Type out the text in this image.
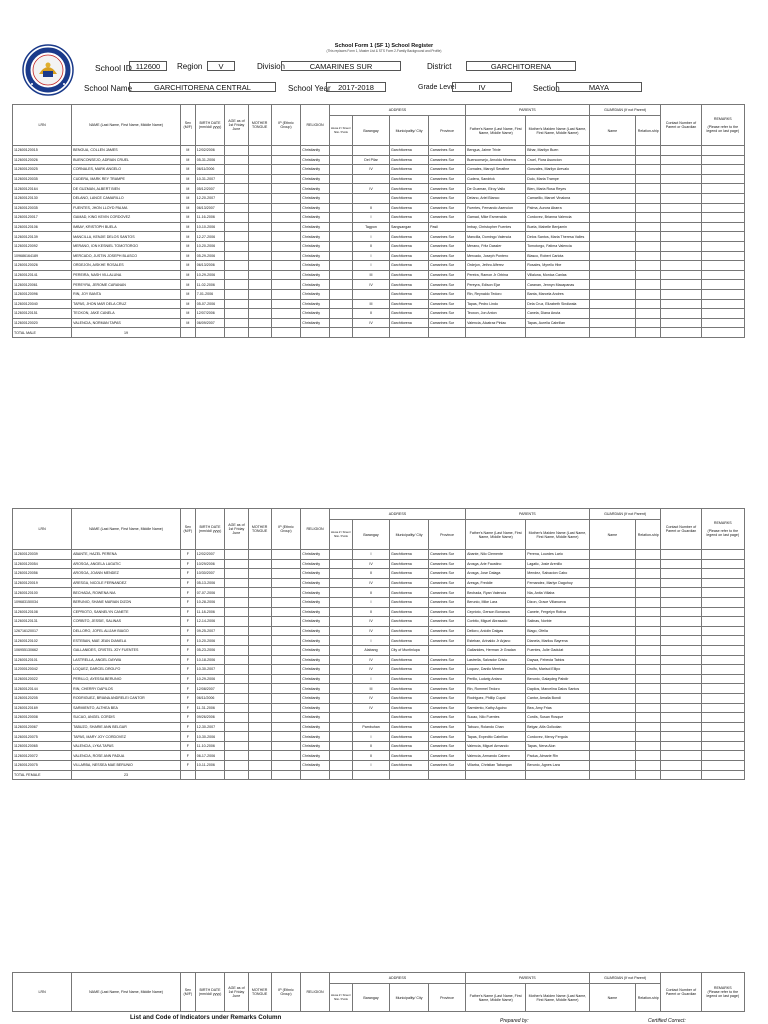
School Form 1 (SF 1) School Register
(This replaces Form 1, Master List & STS Form 2-Family Background and Profile)
School ID 112600	Region	V	Division	CAMARINES SUR	District	GARCHITORENA
School Name	GARCHITORENA CENTRAL	School Year 2017-2018	Grade Level	IV	Section	MAYA
LRN	NAME (Last Name, First Name, Middle Name)	Sex (M/F)	BIRTH DATE (mm/dd/ yyyy)	AGE as of 1st Friday June	MOTHER TONGUE	IP (Ethnic Group)	RELIGION	ADDRESS				PARENTS		GUARDIAN (If not Parent)		Contact Number of Parent or Guardian	REMARKS

(Please refer to the legend on last page)
								House # / Street / Sitio / Purok	Barangay	Municipality/ City	Province	Father's Name (Last Name, First Name, Middle Name)	Mother's Maiden Name (Last Name, First Name, Middle Name)	Name	Relation-ship		
112600120015	BENGUA, COLLEN JAMES	M	12/02/2006				Christianity			Garchitorena	Camarines Sur	Bengua, Jaime Trixie	Bihar, Marilyn Buen				
112600120026	BUENCONSEJO, ADRIAN CRUEL	M	05-31-2006				Christianity		Del Pilar	Garchitorena	Camarines Sur	Buenconsejo, Arnoldo Minerva	Cruel, Flora Asuncion				
112600120025	CORNALES, MARK ANGELO	M	06/11/2006				Christianity		IV	Garchitorena	Camarines Sur	Cornales, Marcyll Serafine	Gonzales, Marilyn Arevalo				
112600120035	CUDERA, MARK REY TRAMPE	M	10-31-2007				Christianity			Garchitorena	Camarines Sur	Cudera, Sandrick	Dulo, Maria Trampe				
112600120164	DE GUZMAN, ALBERT BIEN	M	05/12/2007				Christianity		IV	Garchitorena	Camarines Sur	De Guzman, Elroy Vallo	Bien, Maria Rosa Reyes				
112600120130	DELANO, LANCE CAMARILLO	M	12-20-2007				Christianity			Garchitorena	Camarines Sur	Delano, Ariel Bianco	Camarillo, Marcel Vinalona				
112600120035	FUENTES, JHON LLOYD PALMA	M	06/13/2007				Christianity		II	Garchitorena	Camarines Sur	Fuentes, Fernando Asencion	Palma, Aurora Abarra				
112600120017	GAMAD, KING KEVIN CORDOVEZ	M	11-16-2006				Christianity		I	Garchitorena	Camarines Sur	Gamad, Mike Esmeralda	Cordovez, Brianna Valencia				
112600120106	IMBAY, KRISTOPH BUELA	M	10-10-2006				Christianity		Tagpon	Sangsangan	Pasil	Imbay, Christopher Fuentes	Buela, Mabelle Benjamin				
112600120139	MANCILLA, KENJIE DELOS SANTOS	M	12-27-2006				Christianity		I	Garchitorena	Camarines Sur	Mancilla, Domingo Valencia	Delos Santos, Maria Theresa Valles				
112600120092	MERANO, ION KESNIEL TOMOTORGO	M	10-20-2006				Christianity		II	Garchitorena	Camarines Sur	Merano, Fritz Dassler	Tomotorgo, Fatima Valencia				
109686164189	MERCADO, JUSTIN JOSEPH BLASCO	M	05-29-2006				Christianity		I	Garchitorena	Camarines Sur	Mercado, Joseph Pontero	Blasco, Robert Carlota				
112600120026	ORDEJON, AISKHE ROSALES	M	06/13/2006				Christianity		I	Garchitorena	Camarines Sur	Ordejon, Jethro Alferez	Rosales, Myrello Hbe				
112600120141	PEREIRA, NASH VILLALUNA	M	10-29-2006				Christianity		III	Garchitorena	Camarines Sur	Pereira, Ramon Jr Orbina	Villaluna, Monica Canlas				
112600120061	PEREYRA, JEROME CARANAN	M	11-02-2006				Christianity		IV	Garchitorena	Camarines Sur	Pereyra, Edison Ejar	Caranan, Jennyn Macapanas				
112600120096	RIN, JOY BANTA	M	7-01-2006				Christianity			Garchitorena	Camarines Sur	Rin, Reynaldo Tedoro	Banta, Marcela Andres				
112600120040	TAPAS, JHON MAR DELA CRUZ	M	05-07-2006				Christianity		III	Garchitorena	Camarines Sur	Tapas, Pedro Lindo	Dela Cruz, Elizabeth Sindiwala				
112600120151	TEOXON, JAKE CANELA	M	12/07/2006				Christianity		II	Garchitorena	Camarines Sur	Teoxon, Jon Anton	Canela, Diana Anuta				
112600120020	VALENCIA, NORMAN TAPAS	M	06/09/2007				Christianity		IV	Garchitorena	Camarines Sur	Valencia, Alcatraz Pinlac	Tapas, Aurelia Cabrillan				
TOTAL MALE	19																
LRN	NAME (Last Name, First Name, Middle Name)	Sex (M/F)	BIRTH DATE (mm/dd/ yyyy)	AGE as of 1st Friday June	MOTHER TONGUE	IP (Ethnic Group)	RELIGION	ADDRESS				PARENTS		GUARDIAN (If not Parent)		Contact Number of Parent or Guardian	REMARKS

(Please refer to the legend on last page)
								House # / Street / Sitio / Purok	Barangay	Municipality/ City	Province	Father's Name (Last Name, First Name, Middle Name)	Mother's Maiden Name (Last Name, First Name, Middle Name)	Name	Relation-ship		
112600120039	ABANTE, HAZEL PERENA	F	12/02/2007				Christianity		I	Garchitorena	Camarines Sur	Abante, Nilo Clemente	Perena, Lourdes Lario				
112600120054	AROSGA, ANGELA LAGATIC	F	10/29/2006				Christianity		IV	Garchitorena	Camarines Sur	Arosga, Arie Faustino	Lagatic, Josie Arenillo				
112600120056	AROSGA, JOANN MENDEZ	F	10/30/2007				Christianity		II	Garchitorena	Camarines Sur	Arosga, Jose Dalaga	Mendez, Salvacion Cabo				
112600120019	ARESGA, NICOLE FERNANDEZ	F	05-13-2006				Christianity		IV	Garchitorena	Camarines Sur	Aresga, Freddie	Fernandez, Marlyn Dagohoy				
112600120100	BECHADA, ROWENA NIA	F	07-07-2006				Christianity		II	Garchitorena	Camarines Sur	Bechada, Ryan Valencia	Nia, Anita Villaba				
109683150034	BERUNIO, SHANE MARIAN DIZON	F	10-28-2006				Christianity		I	Garchitorena	Camarines Sur	Berunio, Mike Lara	Dizon, Grace Villanueva				
112600120108	CEPRIOTO, SANNELYN CANETE	F	11-18-2006				Christianity		II	Garchitorena	Camarines Sur	Ceprioto, Gerson Bonanza	Canete, Fergelyn Rotiva				
112600120131	CORBITO, JESSIE, SALINAS	F	12-14-2006				Christianity		IV	Garchitorena	Camarines Sur	Corbito, Miguel Abrasado	Salinas, Norbie				
126716120017	DELLORO, JOFEL ALIJAH BIAGO	F	09-25-2007				Christianity		IV	Garchitorena	Camarines Sur	Delloro, Aniolin Dalgas	Biago, Ofelia				
112600120102	ESTEBAN, MAE JEAN DIANELA	F	10-20-2006				Christianity		I	Garchitorena	Camarines Sur	Esteban, Arinaldo Jr Arjano	Dianela, Marilou Bayrena				
106955130662	GALLANIDES, CRISTEL JOY FUENTES	F	05-23-2006				Christianity		Alabang	City of Muntinlupa		Gallanides, Herman Jr Gradan	Fuentes, Julie Gadulat				
112600120101	LASTRELLA, ANGEL DAYWA	F	10-18-2006				Christianity		IV	Garchitorena	Camarines Sur	Lastrella, Salvador Cristo	Daywa, Febecia Tabios				
112000120042	LOQUEZ, DARCEL DROLFO	F	10-30-2007				Christianity		IV	Garchitorena	Camarines Sur	Loquez, Danilo Merrian	Drolfo, Marisol Ellipo				
112600120022	PERILLO, AYESSA BERUNIO	F	10-29-2006				Christianity		I	Garchitorena	Camarines Sur	Perillo, Ludwig Antaro	Berunio, Galaydeg Pabdir				
112600120144	RIN, CHERRY DAPILOS	F	12/08/2007				Christianity		III	Garchitorena	Camarines Sur	Rin, Rommel Tedoro	Dapilos, Marcelina Dalos Santos				
112600120205	RODRIGUEZ, BRIANA ANDRELEI CANTOR	F	06/11/2006				Christianity		IV	Garchitorena	Camarines Sur	Rodriguez, Phillip Cupal	Cantor, Amalia Bondi				
112600120169	SARMIENTO, ALTHEA BEA	F	11-31-2006				Christianity		IV	Garchitorena	Camarines Sur	Sarmiento, Kathy Aguino	Bea, Amy Frias				
112600120008	SUCAO, ANGEL CORDIS	F	09/26/2006				Christianity			Garchitorena	Camarines Sur	Sucao, Nilo Fuentes	Cordis, Susan Rosque				
112600120067	TABUZO, SHARIE ANN BELGAR	F	12-30-2007				Christianity		Pambuhan	Garchitorena	Camarines Sur	Tabuzo, Rolando Chan	Belgar, Alfa Gollcolan				
112600120075	TAPAS, MARY JOY CORDOVEZ	F	10-30-2006				Christianity		I	Garchitorena	Camarines Sur	Tapas, Expedito Cabrillan	Cordovez, Mercy Fergola				
112600120065	VALENCIA, LYKA TAPAS	F	11-10-2006				Christianity		II	Garchitorena	Camarines Sur	Valencia, Miguel Armando	Tapas, Nena Alon				
112600120072	VALENCIA, ROSE ANN PADUA	F	06-17-2006				Christianity		II	Garchitorena	Camarines Sur	Valencia, Armando Cabero	Padua, Almarie Rin				
112600120075	VILLARBA, NESSEA MAE BERUNIO	F	10-11-2006				Christianity		I	Garchitorena	Camarines Sur	Villarba, Christian Tabangan	Berunio, Agnes Lara				
TOTAL FEMALE	23																
LRN	NAME (Last Name, First Name, Middle Name)	Sex (M/F)	BIRTH DATE (mm/dd/ yyyy)	AGE as of 1st Friday June	MOTHER TONGUE	IP (Ethnic Group)	RELIGION	ADDRESS				PARENTS		GUARDIAN (If not Parent)		Contact Number of Parent or Guardian	REMARKS
(Please refer to the legend on last page)
								House # / Street / Sitio / Purok	Barangay	Municipality/ City	Province	Father's Name (Last Name, First Name, Middle Name)	Mother's Maiden Name (Last Name, First Name, Middle Name)	Name	Relation-ship		
List and Code of Indicators under Remarks Column	Prepared by:	Certified Correct:
